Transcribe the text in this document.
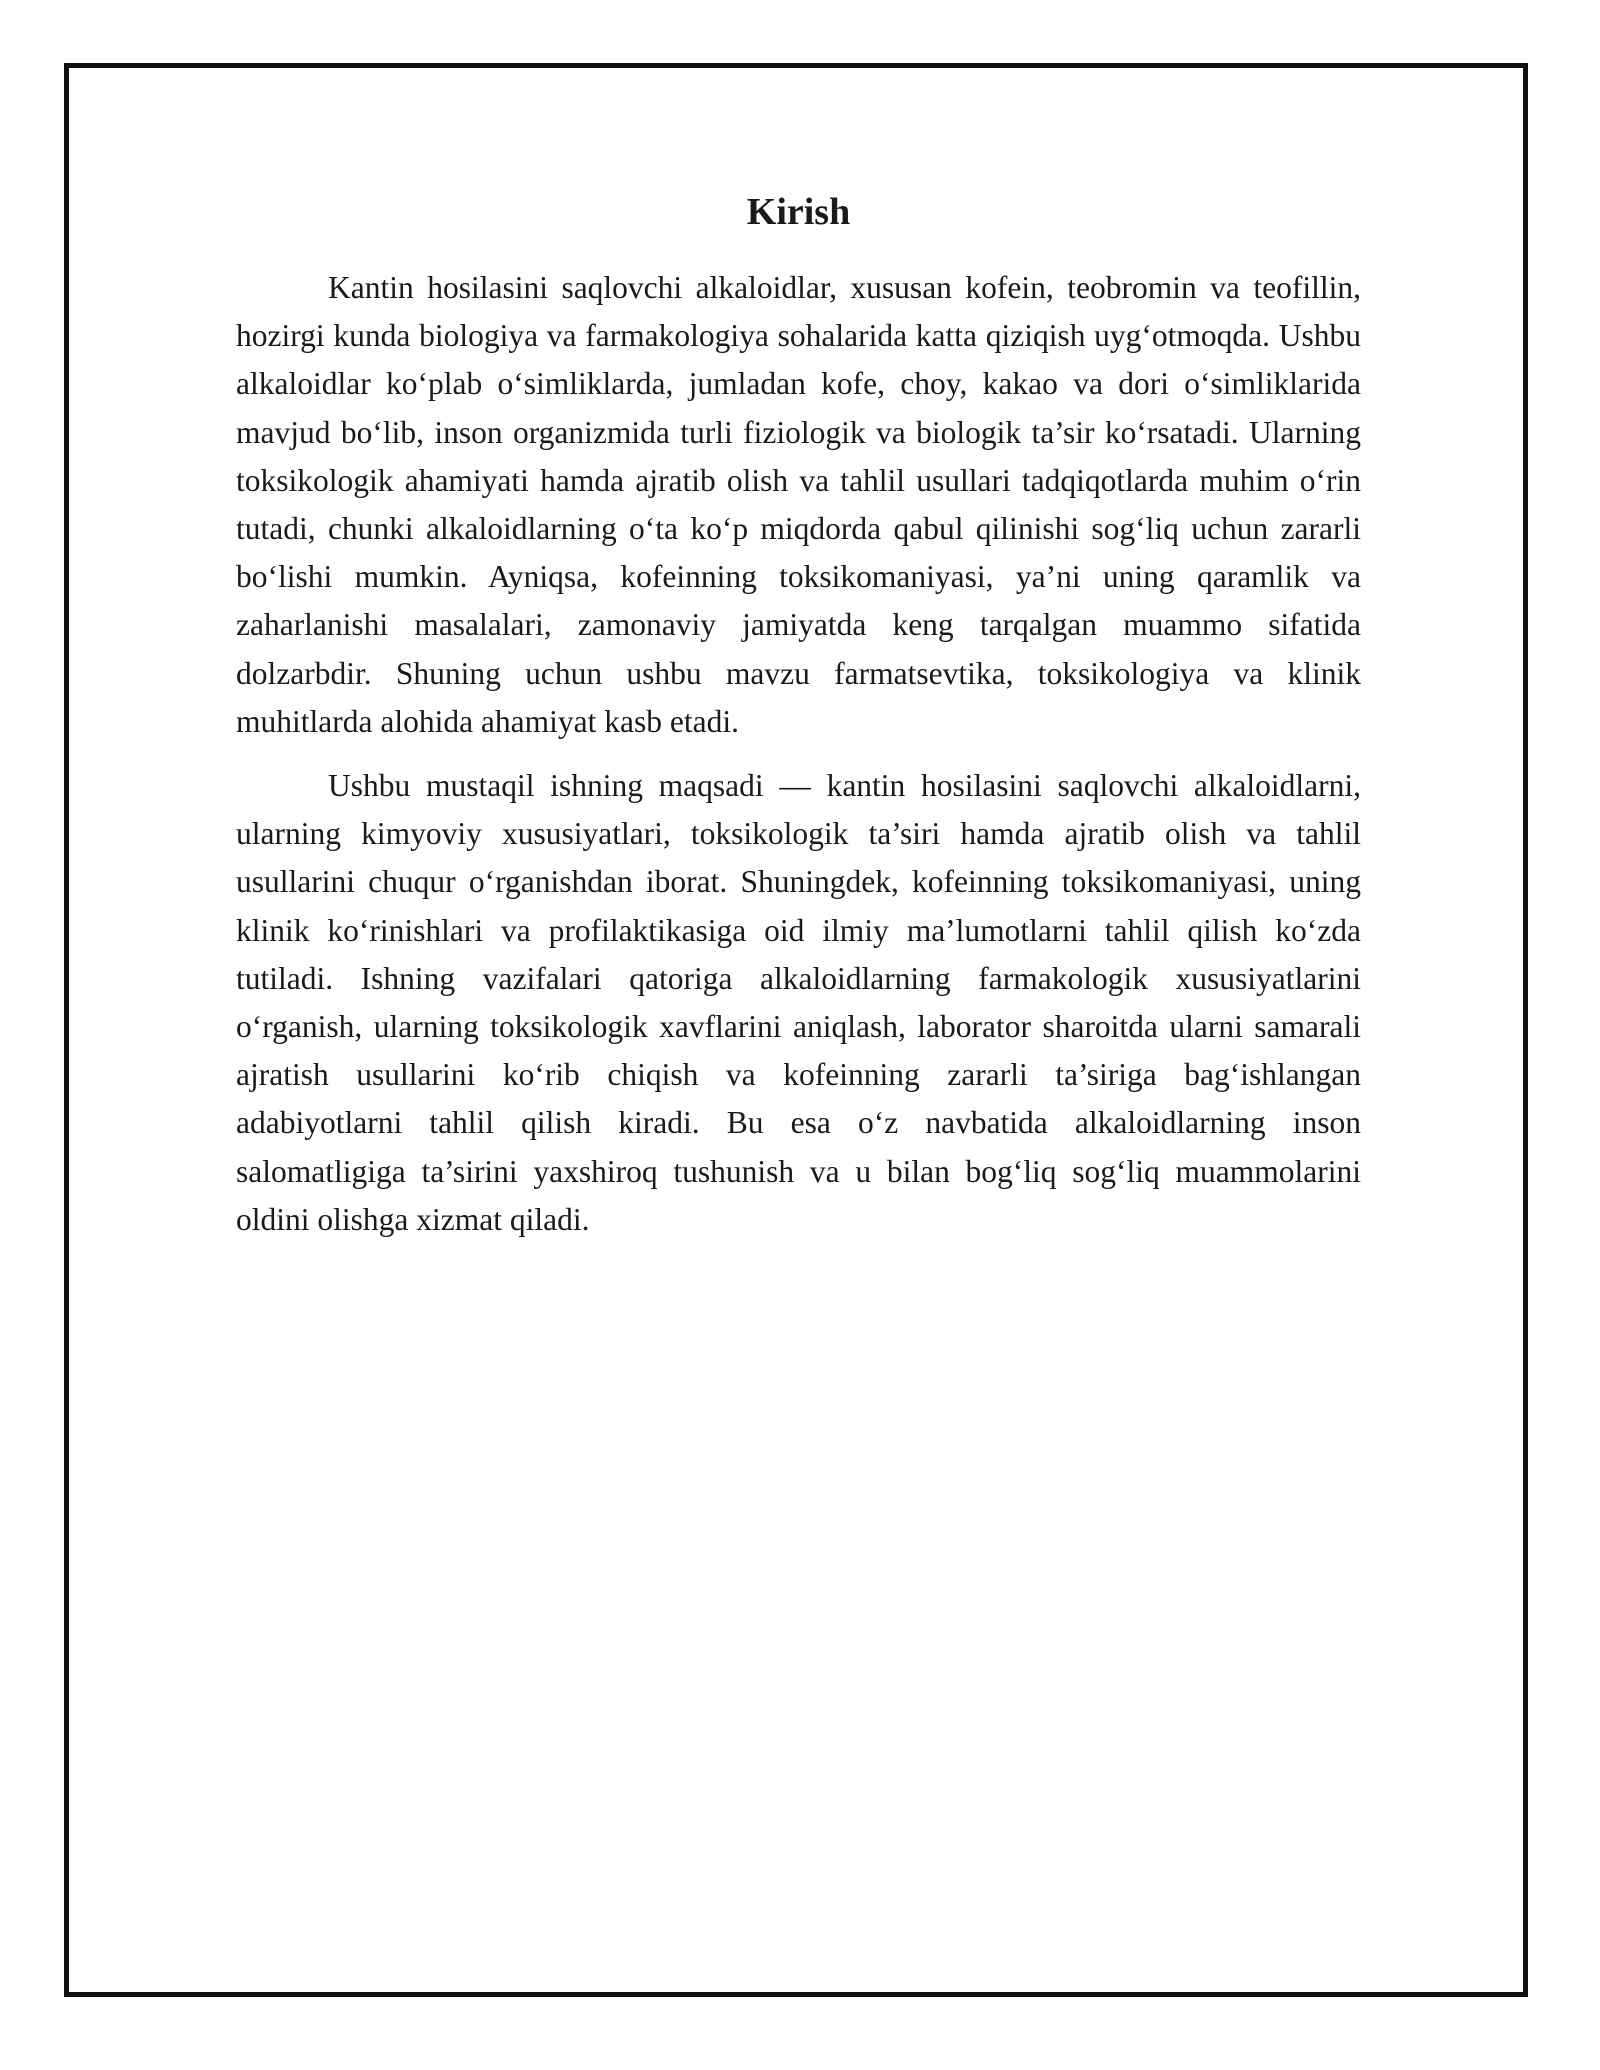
Kirish

Kantin hosilasini saqlovchi alkaloidlar, xususan kofein, teobromin va teofillin, hozirgi kunda biologiya va farmakologiya sohalarida katta qiziqish uyg‘otmoqda. Ushbu alkaloidlar ko‘plab o‘simliklarda, jumladan kofe, choy, kakao va dori o‘simliklarida mavjud bo‘lib, inson organizmida turli fiziologik va biologik ta’sir ko‘rsatadi. Ularning toksikologik ahamiyati hamda ajratib olish va tahlil usullari tadqiqotlarda muhim o‘rin tutadi, chunki alkaloidlarning o‘ta ko‘p miqdorda qabul qilinishi sog‘liq uchun zararli bo‘lishi mumkin. Ayniqsa, kofeinning toksikomaniyasi, ya’ni uning qaramlik va zaharlanishi masalalari, zamonaviy jamiyatda keng tarqalgan muammo sifatida dolzarbdir. Shuning uchun ushbu mavzu farmatsevtika, toksikologiya va klinik muhitlarda alohida ahamiyat kasb etadi.

Ushbu mustaqil ishning maqsadi — kantin hosilasini saqlovchi alkaloidlarni, ularning kimyoviy xususiyatlari, toksikologik ta’siri hamda ajratib olish va tahlil usullarini chuqur o‘rganishdan iborat. Shuningdek, kofeinning toksikomaniyasi, uning klinik ko‘rinishlari va profilaktikasiga oid ilmiy ma’lumotlarni tahlil qilish ko‘zda tutiladi. Ishning vazifalari qatoriga alkaloidlarning farmakologik xususiyatlarini o‘rganish, ularning toksikologik xavflarini aniqlash, laborator sharoitda ularni samarali ajratish usullarini ko‘rib chiqish va kofeinning zararli ta’siriga bag‘ishlangan adabiyotlarni tahlil qilish kiradi. Bu esa o‘z navbatida alkaloidlarning inson salomatligiga ta’sirini yaxshiroq tushunish va u bilan bog‘liq sog‘liq muammolarini oldini olishga xizmat qiladi.
